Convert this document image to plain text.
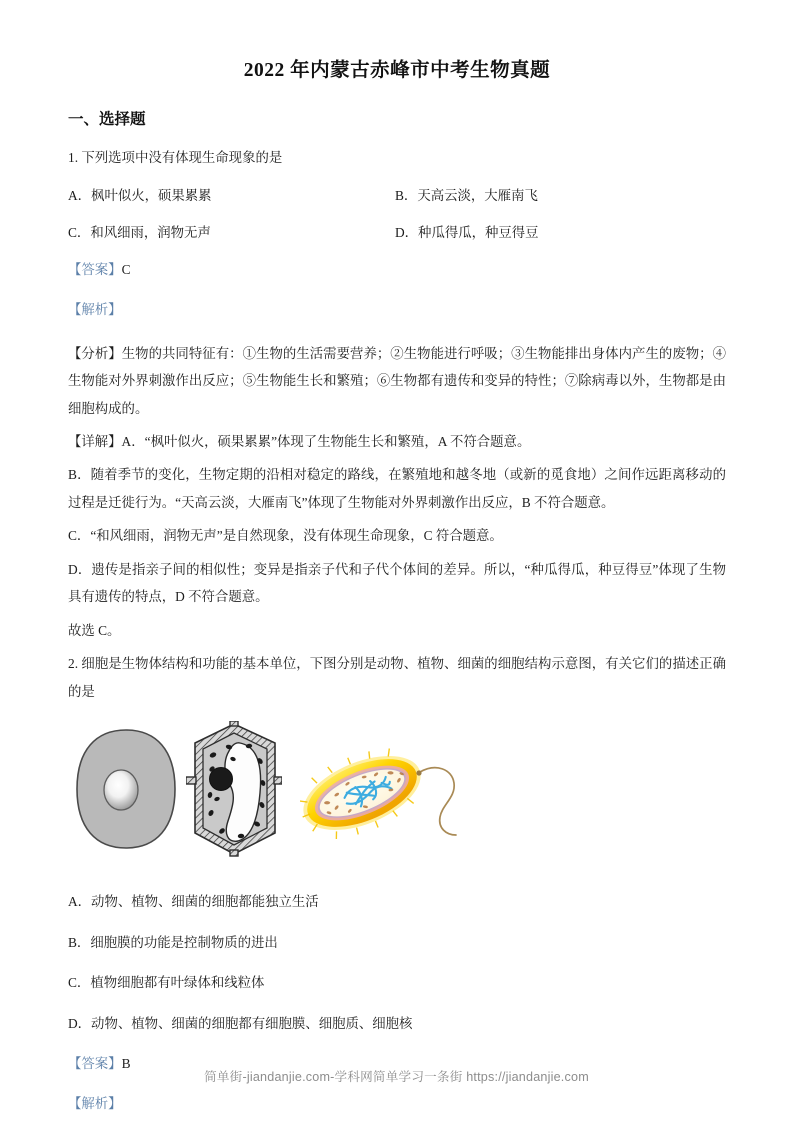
2022 年内蒙古赤峰市中考生物真题
一、选择题
1. 下列选项中没有体现生命现象的是
A．枫叶似火，硕果累累	B．天高云淡，大雁南飞
C．和风细雨，润物无声	D．种瓜得瓜，种豆得豆
【答案】C
【解析】
【分析】生物的共同特征有：①生物的生活需要营养；②生物能进行呼吸；③生物能排出身体内产生的废物；④生物能对外界刺激作出反应；⑤生物能生长和繁殖；⑥生物都有遗传和变异的特性；⑦除病毒以外，生物都是由细胞构成的。
【详解】A．“枫叶似火，硕果累累”体现了生物能生长和繁殖，A 不符合题意。
B．随着季节的变化，生物定期的沿相对稳定的路线，在繁殖地和越冬地（或新的觅食地）之间作远距离移动的过程是迁徙行为。“天高云淡，大雁南飞”体现了生物能对外界刺激作出反应，B 不符合题意。
C．“和风细雨，润物无声”是自然现象，没有体现生命现象，C 符合题意。
D．遗传是指亲子间的相似性；变异是指亲子代和子代个体间的差异。所以，“种瓜得瓜，种豆得豆”体现了生物具有遗传的特点，D 不符合题意。
故选 C。
2. 细胞是生物体结构和功能的基本单位，下图分别是动物、植物、细菌的细胞结构示意图，有关它们的描述正确的是
A．动物、植物、细菌的细胞都能独立生活
B．细胞膜的功能是控制物质的进出
C．植物细胞都有叶绿体和线粒体
D．动物、植物、细菌的细胞都有细胞膜、细胞质、细胞核
【答案】B
【解析】
简单街-jiandanjie.com-学科网简单学习一条街 https://jiandanjie.com
